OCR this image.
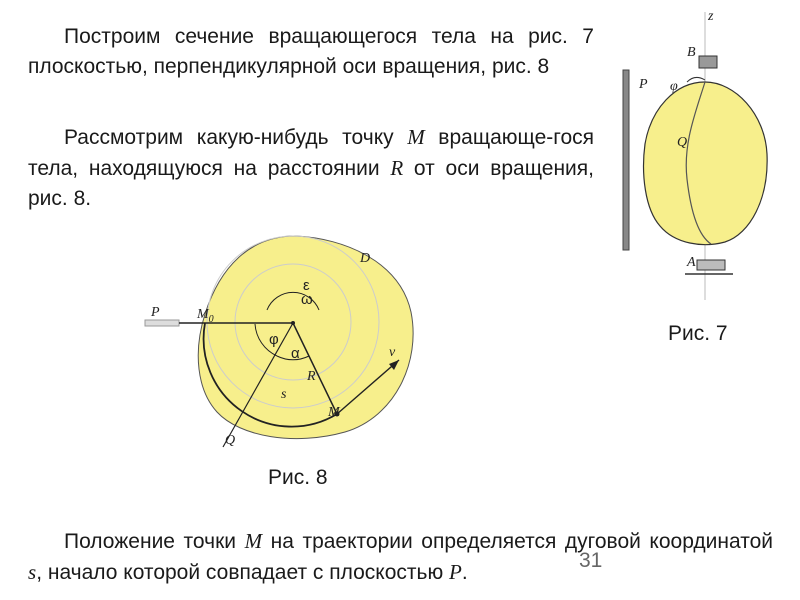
Построим сечение вращающегося тела на рис. 7 плоскостью, перпендикулярной оси вращения, рис. 8

Рассмотрим какую-нибудь точку M вращающе-гося тела, находящуюся на расстоянии R от оси вращения, рис. 8.

z
B
P φ
Q
A
Рис. 7
D
P	$M_0$
ε
ω
φ
α
R
s
M
Q
v
Рис. 8

Положение точки M на траектории определяется дуговой координатой s, начало которой совпадает с плоскостью P.

31
